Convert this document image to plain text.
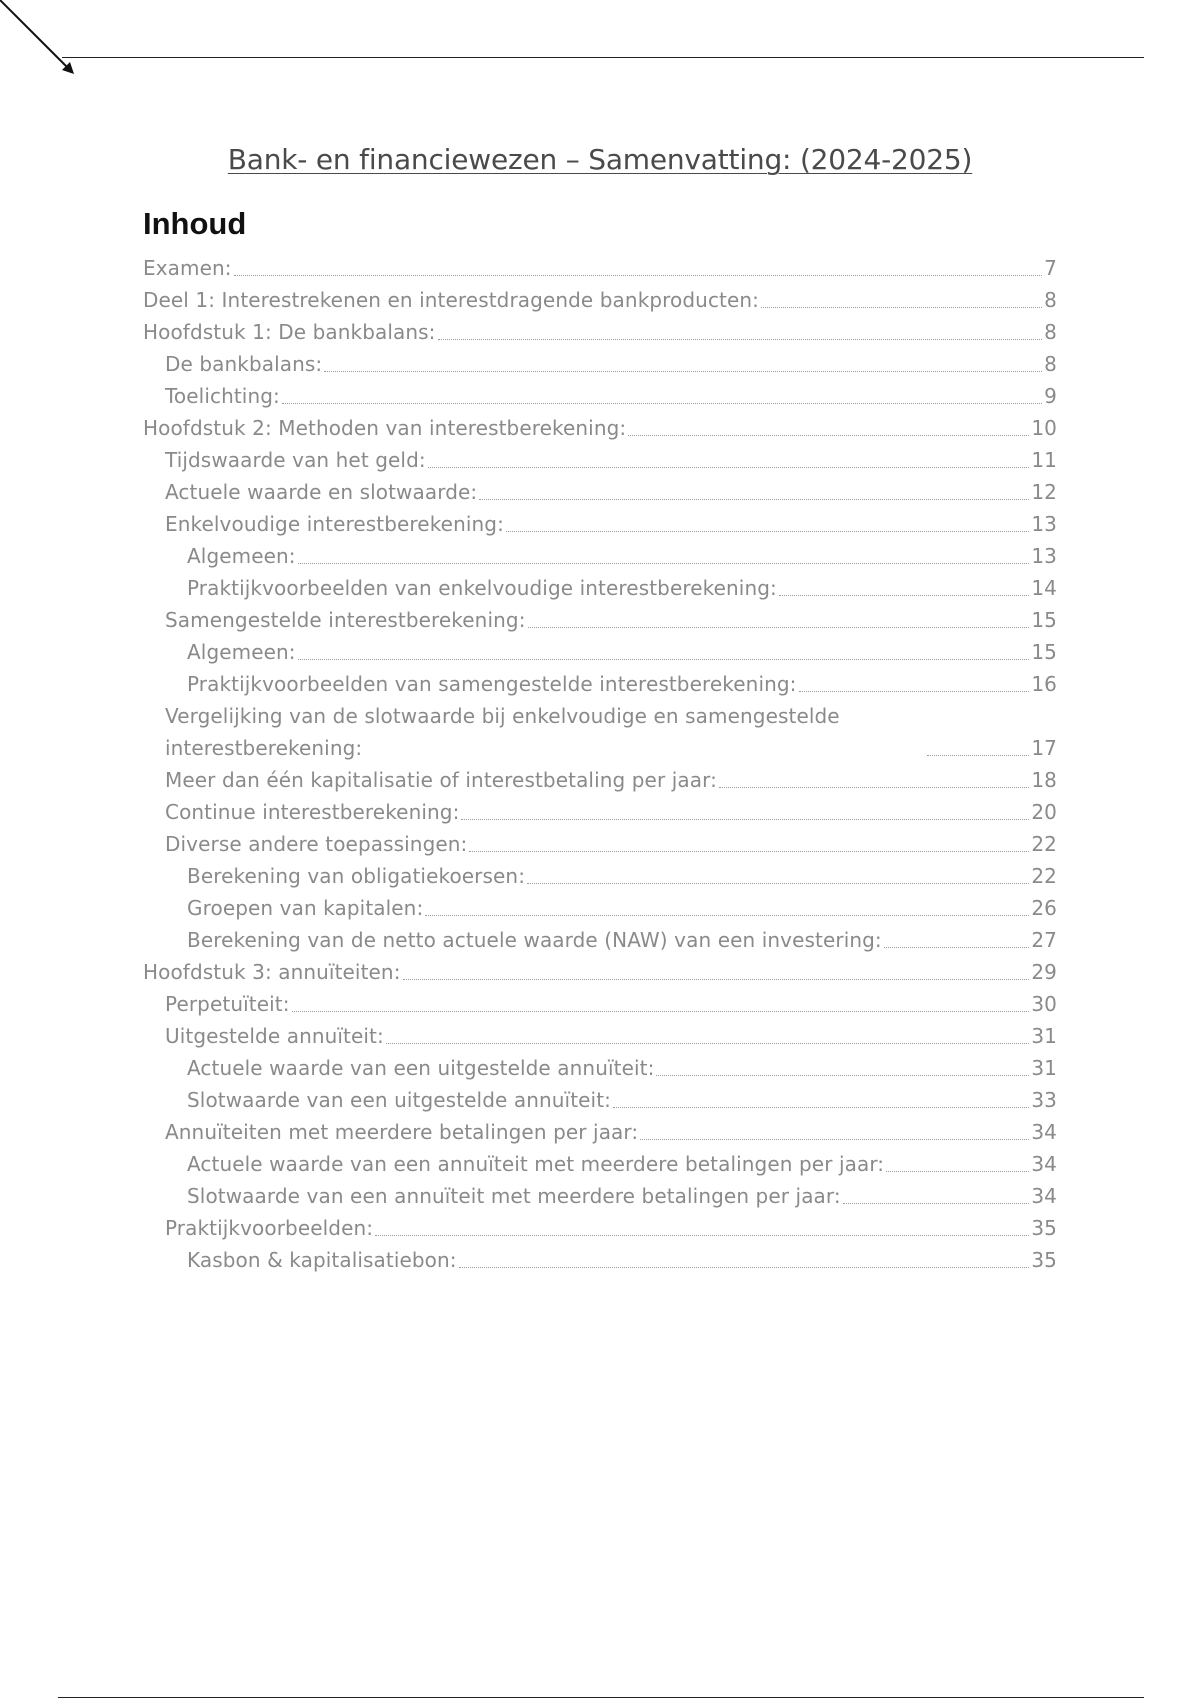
Bank- en financiewezen – Samenvatting: (2024-2025)
Inhoud
Examen:	7
Deel 1: Interestrekenen en interestdragende bankproducten:	8
Hoofdstuk 1: De bankbalans:	8
De bankbalans:	8
Toelichting:	9
Hoofdstuk 2: Methoden van interestberekening:	10
Tijdswaarde van het geld:	11
Actuele waarde en slotwaarde:	12
Enkelvoudige interestberekening:	13
Algemeen:	13
Praktijkvoorbeelden van enkelvoudige interestberekening:	14
Samengestelde interestberekening:	15
Algemeen:	15
Praktijkvoorbeelden van samengestelde interestberekening:	16
Vergelijking van de slotwaarde bij enkelvoudige en samengestelde interestberekening:	17
Meer dan één kapitalisatie of interestbetaling per jaar:	18
Continue interestberekening:	20
Diverse andere toepassingen:	22
Berekening van obligatiekoersen:	22
Groepen van kapitalen:	26
Berekening van de netto actuele waarde (NAW) van een investering:	27
Hoofdstuk 3: annuïteiten:	29
Perpetuïteit:	30
Uitgestelde annuïteit:	31
Actuele waarde van een uitgestelde annuïteit:	31
Slotwaarde van een uitgestelde annuïteit:	33
Annuïteiten met meerdere betalingen per jaar:	34
Actuele waarde van een annuïteit met meerdere betalingen per jaar:	34
Slotwaarde van een annuïteit met meerdere betalingen per jaar:	34
Praktijkvoorbeelden:	35
Kasbon & kapitalisatiebon:	35
